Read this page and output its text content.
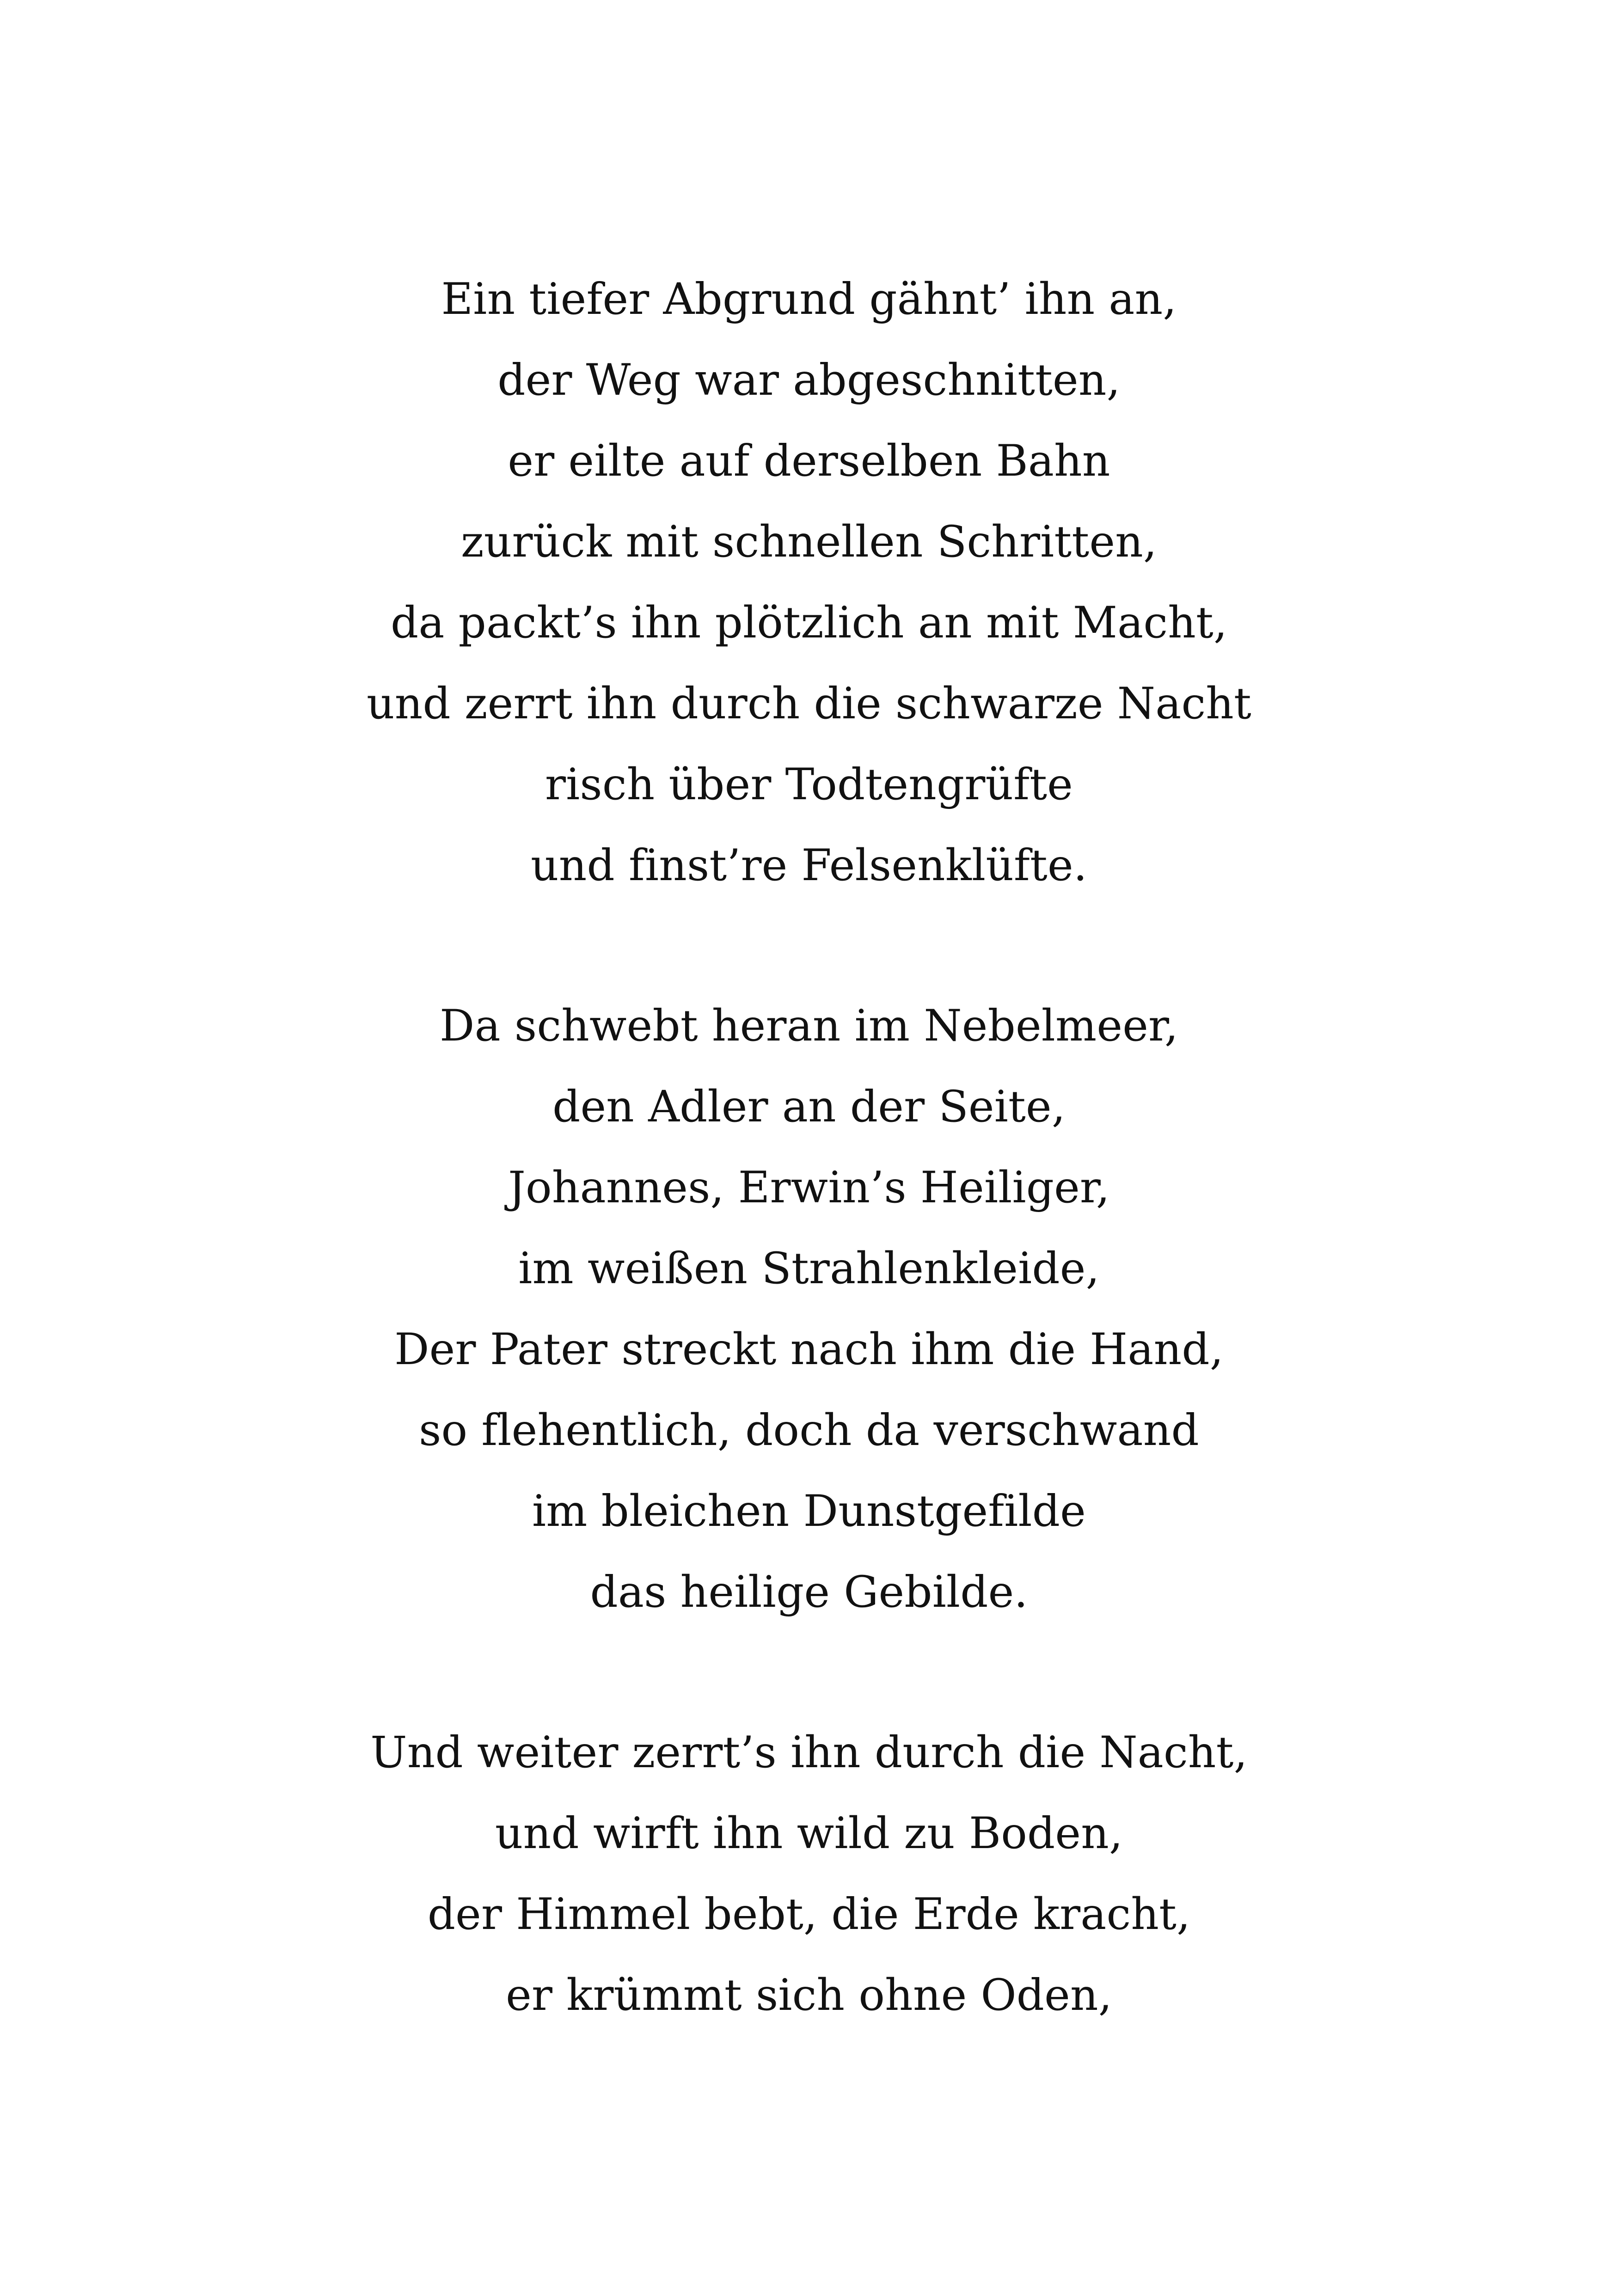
Ein tiefer Abgrund gähnt’ ihn an,
der Weg war abgeschnitten,
er eilte auf derselben Bahn
zurück mit schnellen Schritten,
da packt’s ihn plötzlich an mit Macht,
und zerrt ihn durch die schwarze Nacht
risch über Todtengrüfte
und finst’re Felsenklüfte.
Da schwebt heran im Nebelmeer,
den Adler an der Seite,
Johannes, Erwin’s Heiliger,
im weißen Strahlenkleide,
Der Pater streckt nach ihm die Hand,
so flehentlich, doch da verschwand
im bleichen Dunstgefilde
das heilige Gebilde.
Und weiter zerrt’s ihn durch die Nacht,
und wirft ihn wild zu Boden,
der Himmel bebt, die Erde kracht,
er krümmt sich ohne Oden,
